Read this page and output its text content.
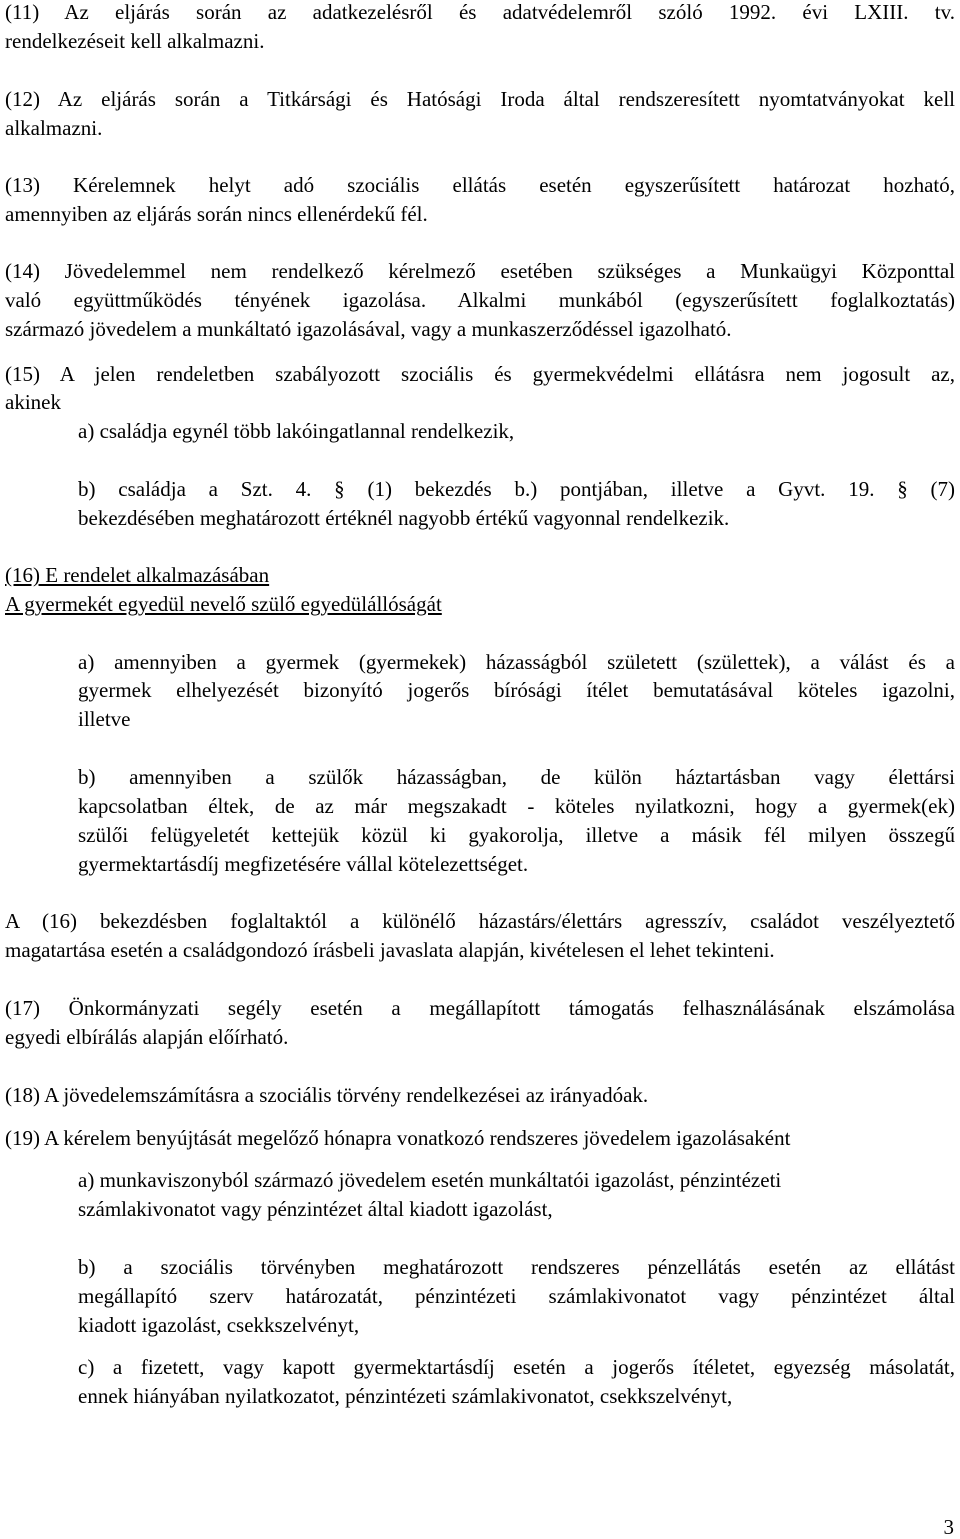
(11) Az eljárás során az adatkezelésről és adatvédelemről szóló 1992. évi LXIII. tv.
rendelkezéseit kell alkalmazni.
(12) Az eljárás során a Titkársági és Hatósági Iroda által rendszeresített nyomtatványokat kell
alkalmazni.
(13) Kérelemnek helyt adó szociális ellátás esetén egyszerűsített határozat hozható,
amennyiben az eljárás során nincs ellenérdekű fél.
(14) Jövedelemmel nem rendelkező kérelmező esetében szükséges a Munkaügyi Központtal
való együttműködés tényének igazolása. Alkalmi munkából (egyszerűsített foglalkoztatás)
származó jövedelem a munkáltató igazolásával, vagy a munkaszerződéssel igazolható.
(15) A jelen rendeletben szabályozott szociális és gyermekvédelmi ellátásra nem jogosult az,
akinek
a) családja egynél több lakóingatlannal rendelkezik,
b) családja a Szt. 4. § (1) bekezdés b.) pontjában, illetve a Gyvt. 19. § (7)
bekezdésében meghatározott értéknél nagyobb értékű vagyonnal rendelkezik.
(16) E rendelet alkalmazásában
A gyermekét egyedül nevelő szülő egyedülállóságát
a) amennyiben a gyermek (gyermekek) házasságból született (születtek), a válást és a
gyermek elhelyezését bizonyító jogerős bírósági ítélet bemutatásával köteles igazolni,
illetve
b) amennyiben a szülők házasságban, de külön háztartásban vagy élettársi
kapcsolatban éltek, de az már megszakadt - köteles nyilatkozni, hogy a gyermek(ek)
szülői felügyeletét kettejük közül ki gyakorolja, illetve a másik fél milyen összegű
gyermektartásdíj megfizetésére vállal kötelezettséget.
A (16) bekezdésben foglaltaktól a különélő házastárs/élettárs agresszív, családot veszélyeztető
magatartása esetén a családgondozó írásbeli javaslata alapján, kivételesen el lehet tekinteni.
(17) Önkormányzati segély esetén a megállapított támogatás felhasználásának elszámolása
egyedi elbírálás alapján előírható.
(18) A jövedelemszámításra a szociális törvény rendelkezései az irányadóak.
(19) A kérelem benyújtását megelőző hónapra vonatkozó rendszeres jövedelem igazolásaként
a) munkaviszonyból származó jövedelem esetén munkáltatói igazolást, pénzintézeti
számlakivonatot vagy pénzintézet által kiadott igazolást,
b) a szociális törvényben meghatározott rendszeres pénzellátás esetén az ellátást
megállapító szerv határozatát, pénzintézeti számlakivonatot vagy pénzintézet által
kiadott igazolást, csekkszelvényt,
c) a fizetett, vagy kapott gyermektartásdíj esetén a jogerős ítéletet, egyezség másolatát,
ennek hiányában nyilatkozatot, pénzintézeti számlakivonatot, csekkszelvényt,
3
